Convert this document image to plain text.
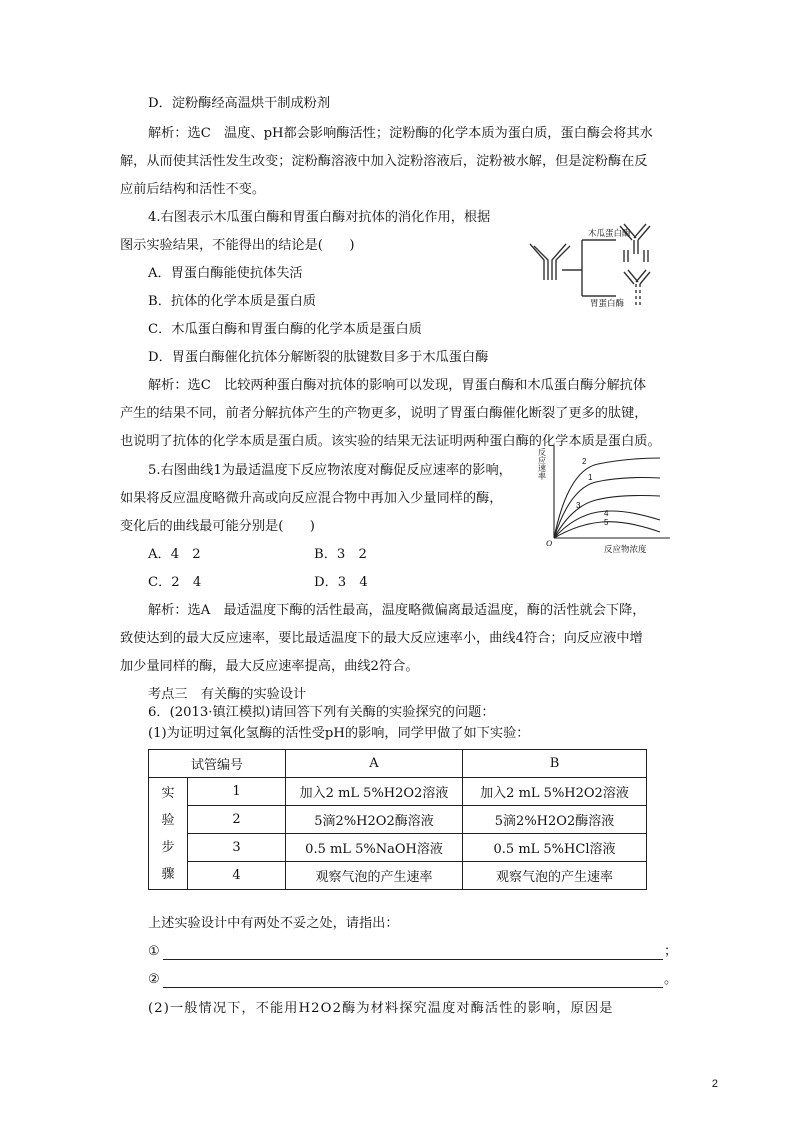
D．淀粉酶经高温烘干制成粉剂
解析：选C　温度、pH都会影响酶活性；淀粉酶的化学本质为蛋白质，蛋白酶会将其水
解，从而使其活性发生改变；淀粉酶溶液中加入淀粉溶液后，淀粉被水解，但是淀粉酶在反
应前后结构和活性不变。
4.右图表示木瓜蛋白酶和胃蛋白酶对抗体的消化作用，根据
图示实验结果，不能得出的结论是(　　)
A．胃蛋白酶能使抗体失活
B．抗体的化学本质是蛋白质
C．木瓜蛋白酶和胃蛋白酶的化学本质是蛋白质
D．胃蛋白酶催化抗体分解断裂的肽键数目多于木瓜蛋白酶
木瓜蛋白酶
胃蛋白酶
解析：选C　比较两种蛋白酶对抗体的影响可以发现，胃蛋白酶和木瓜蛋白酶分解抗体
产生的结果不同，前者分解抗体产生的产物更多，说明了胃蛋白酶催化断裂了更多的肽键，
也说明了抗体的化学本质是蛋白质。该实验的结果无法证明两种蛋白酶的化学本质是蛋白质。
5.右图曲线1为最适温度下反应物浓度对酶促反应速率的影响，
如果将反应温度略微升高或向反应混合物中再加入少量同样的酶，
变化后的曲线最可能分别是(　　)
A．4　2	B．3　2
C．2　4	D．3　4
反应速率
反应物浓度
O
1
2
3
4
5
解析：选A　最适温度下酶的活性最高，温度略微偏离最适温度，酶的活性就会下降，
致使达到的最大反应速率，要比最适温度下的最大反应速率小，曲线4符合；向反应液中增
加少量同样的酶，最大反应速率提高，曲线2符合。
考点三　有关酶的实验设计
6．(2013·镇江模拟)请回答下列有关酶的实验探究的问题：
(1)为证明过氧化氢酶的活性受pH的影响，同学甲做了如下实验：
试管编号		A	B

实
验
步
骤	1	加入2 mL 5%H2O2溶液	加入2 mL 5%H2O2溶液
	2	5滴2%H2O2酶溶液	5滴2%H2O2酶溶液
	3	0.5 mL 5%NaOH溶液	0.5 mL 5%HCl溶液
	4	观察气泡的产生速率	观察气泡的产生速率
上述实验设计中有两处不妥之处，请指出：
①	；
②	。
(2)一般情况下，不能用H2O2酶为材料探究温度对酶活性的影响，原因是
2
